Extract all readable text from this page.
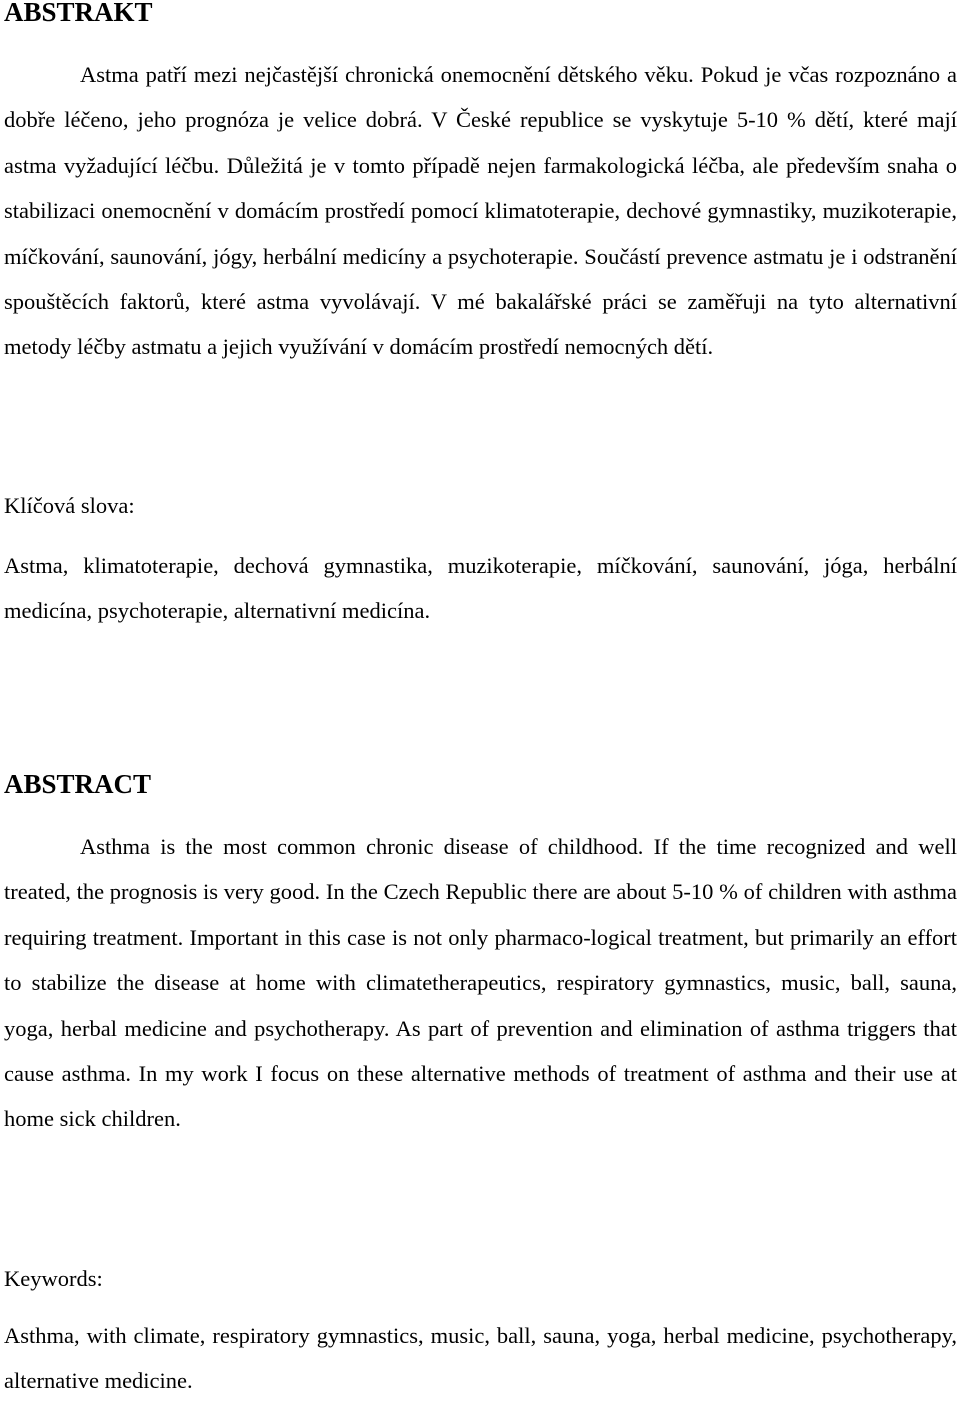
ABSTRAKT

Astma patří mezi nejčastější chronická onemocnění dětského věku. Pokud je včas rozpoznáno a dobře léčeno, jeho prognóza je velice dobrá. V České republice se vyskytuje 5-10 % dětí, které mají astma vyžadující léčbu. Důležitá je v tomto případě nejen farmakologická léčba, ale především snaha o stabilizaci onemocnění v domácím prostředí pomocí klimatoterapie, dechové gymnastiky, muzikoterapie, míčkování, saunování, jógy, herbální medicíny a psychoterapie. Součástí prevence astmatu je i odstranění spouštěcích faktorů, které astma vyvolávají. V mé bakalářské práci se zaměřuji na tyto alternativní metody léčby astmatu a jejich využívání v domácím prostředí nemocných dětí.

Klíčová slova:

Astma, klimatoterapie, dechová gymnastika, muzikoterapie, míčkování, saunování, jóga, herbální medicína, psychoterapie, alternativní medicína.

ABSTRACT

Asthma is the most common chronic disease of childhood. If the time recognized and well treated, the prognosis is very good. In the Czech Republic there are about 5-10 % of children with asthma requiring treatment. Important in this case is not only pharmaco-logical treatment, but primarily an effort to stabilize the disease at home with climatetherapeutics, respiratory gymnastics, music, ball, sauna, yoga, herbal medicine and psychotherapy. As part of prevention and elimination of asthma triggers that cause asthma. In my work I focus on these alternative methods of treatment of asthma and their use at home sick children.

Keywords:

Asthma, with climate, respiratory gymnastics, music, ball, sauna, yoga, herbal medicine, psychotherapy, alternative medicine.
